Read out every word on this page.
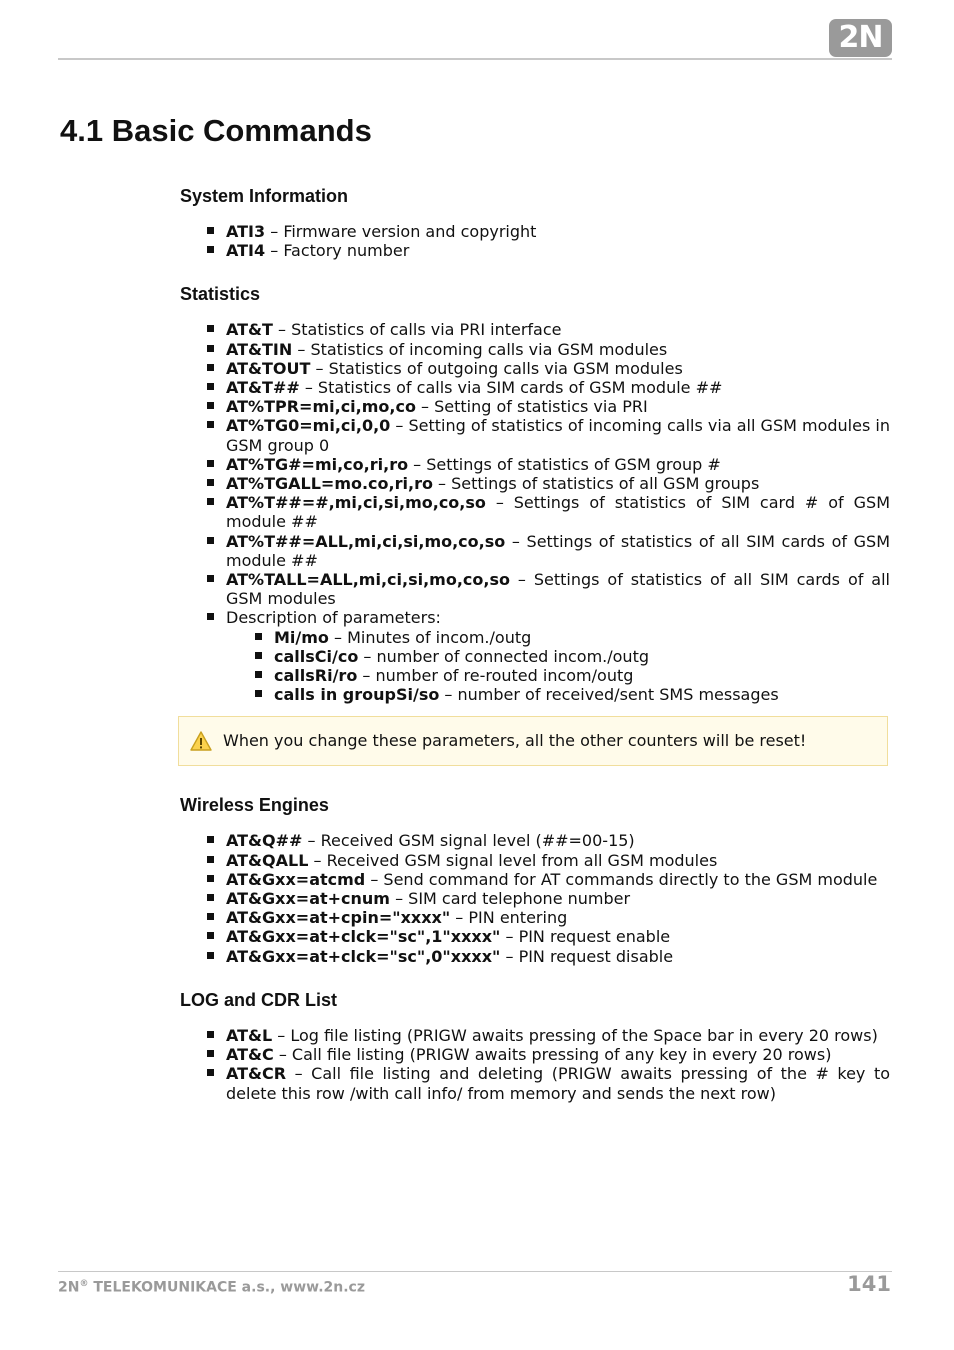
2N
4.1 Basic Commands
System Information
ATI3 – Firmware version and copyright
ATI4 – Factory number
Statistics
AT&T – Statistics of calls via PRI interface
AT&TIN – Statistics of incoming calls via GSM modules
AT&TOUT – Statistics of outgoing calls via GSM modules
AT&T## – Statistics of calls via SIM cards of GSM module ##
AT%TPR=mi,ci,mo,co – Setting of statistics via PRI
AT%TG0=mi,ci,0,0 – Setting of statistics of incoming calls via all GSM modules in GSM group 0
AT%TG#=mi,co,ri,ro – Settings of statistics of GSM group #
AT%TGALL=mo.co,ri,ro – Settings of statistics of all GSM groups
AT%T##=#,mi,ci,si,mo,co,so – Settings of statistics of SIM card # of GSM module ##
AT%T##=ALL,mi,ci,si,mo,co,so – Settings of statistics of all SIM cards of GSM module ##
AT%TALL=ALL,mi,ci,si,mo,co,so – Settings of statistics of all SIM cards of all GSM modules
Description of parameters:
Mi/mo – Minutes of incom./outg
callsCi/co – number of connected incom./outg
callsRi/ro – number of re-routed incom/outg
calls in groupSi/so – number of received/sent SMS messages
When you change these parameters, all the other counters will be reset!
Wireless Engines
AT&Q## – Received GSM signal level (##=00-15)
AT&QALL – Received GSM signal level from all GSM modules
AT&Gxx=atcmd – Send command for AT commands directly to the GSM module
AT&Gxx=at+cnum – SIM card telephone number
AT&Gxx=at+cpin="xxxx" – PIN entering
AT&Gxx=at+clck="sc",1"xxxx" – PIN request enable
AT&Gxx=at+clck="sc",0"xxxx" – PIN request disable
LOG and CDR List
AT&L – Log file listing (PRIGW awaits pressing of the Space bar in every 20 rows)
AT&C – Call file listing (PRIGW awaits pressing of any key in every 20 rows)
AT&CR – Call file listing and deleting (PRIGW awaits pressing of the # key to delete this row /with call info/ from memory and sends the next row)
2N® TELEKOMUNIKACE a.s., www.2n.cz	141
